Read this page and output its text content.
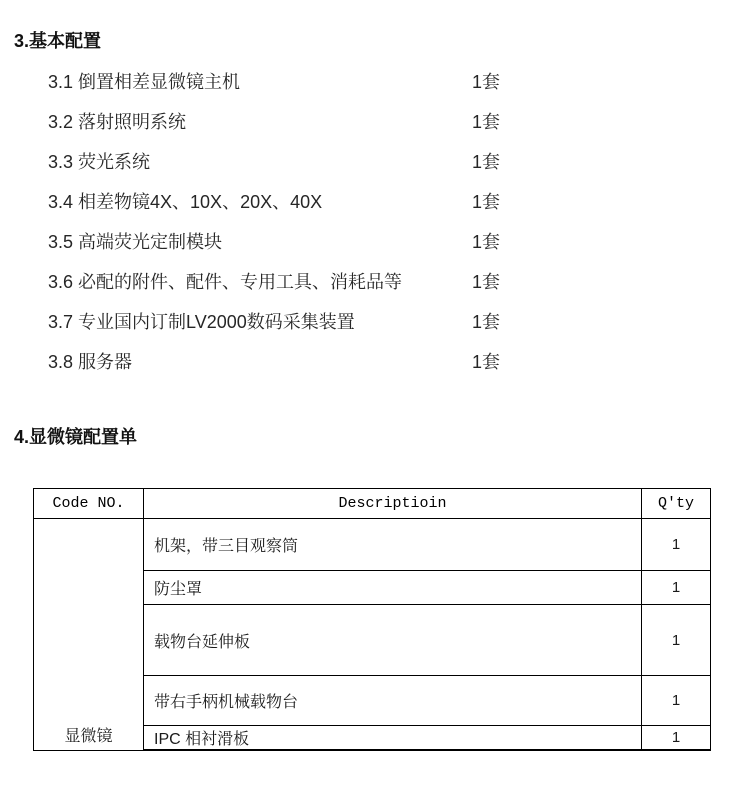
3.基本配置
3.1 倒置相差显微镜主机	1套
3.2 落射照明系统	1套
3.3 荧光系统	1套
3.4 相差物镜4X、10X、20X、40X	1套
3.5 高端荧光定制模块	1套
3.6 必配的附件、配件、专用工具、消耗品等	1套
3.7 专业国内订制LV2000数码采集装置	1套
3.8 服务器	1套
4.显微镜配置单
Code NO.	Descriptioin	Q'ty
显微镜
机架，带三目观察筒	1
防尘罩	1
载物台延伸板	1
带右手柄机械载物台	1
IPC 相衬滑板	1
